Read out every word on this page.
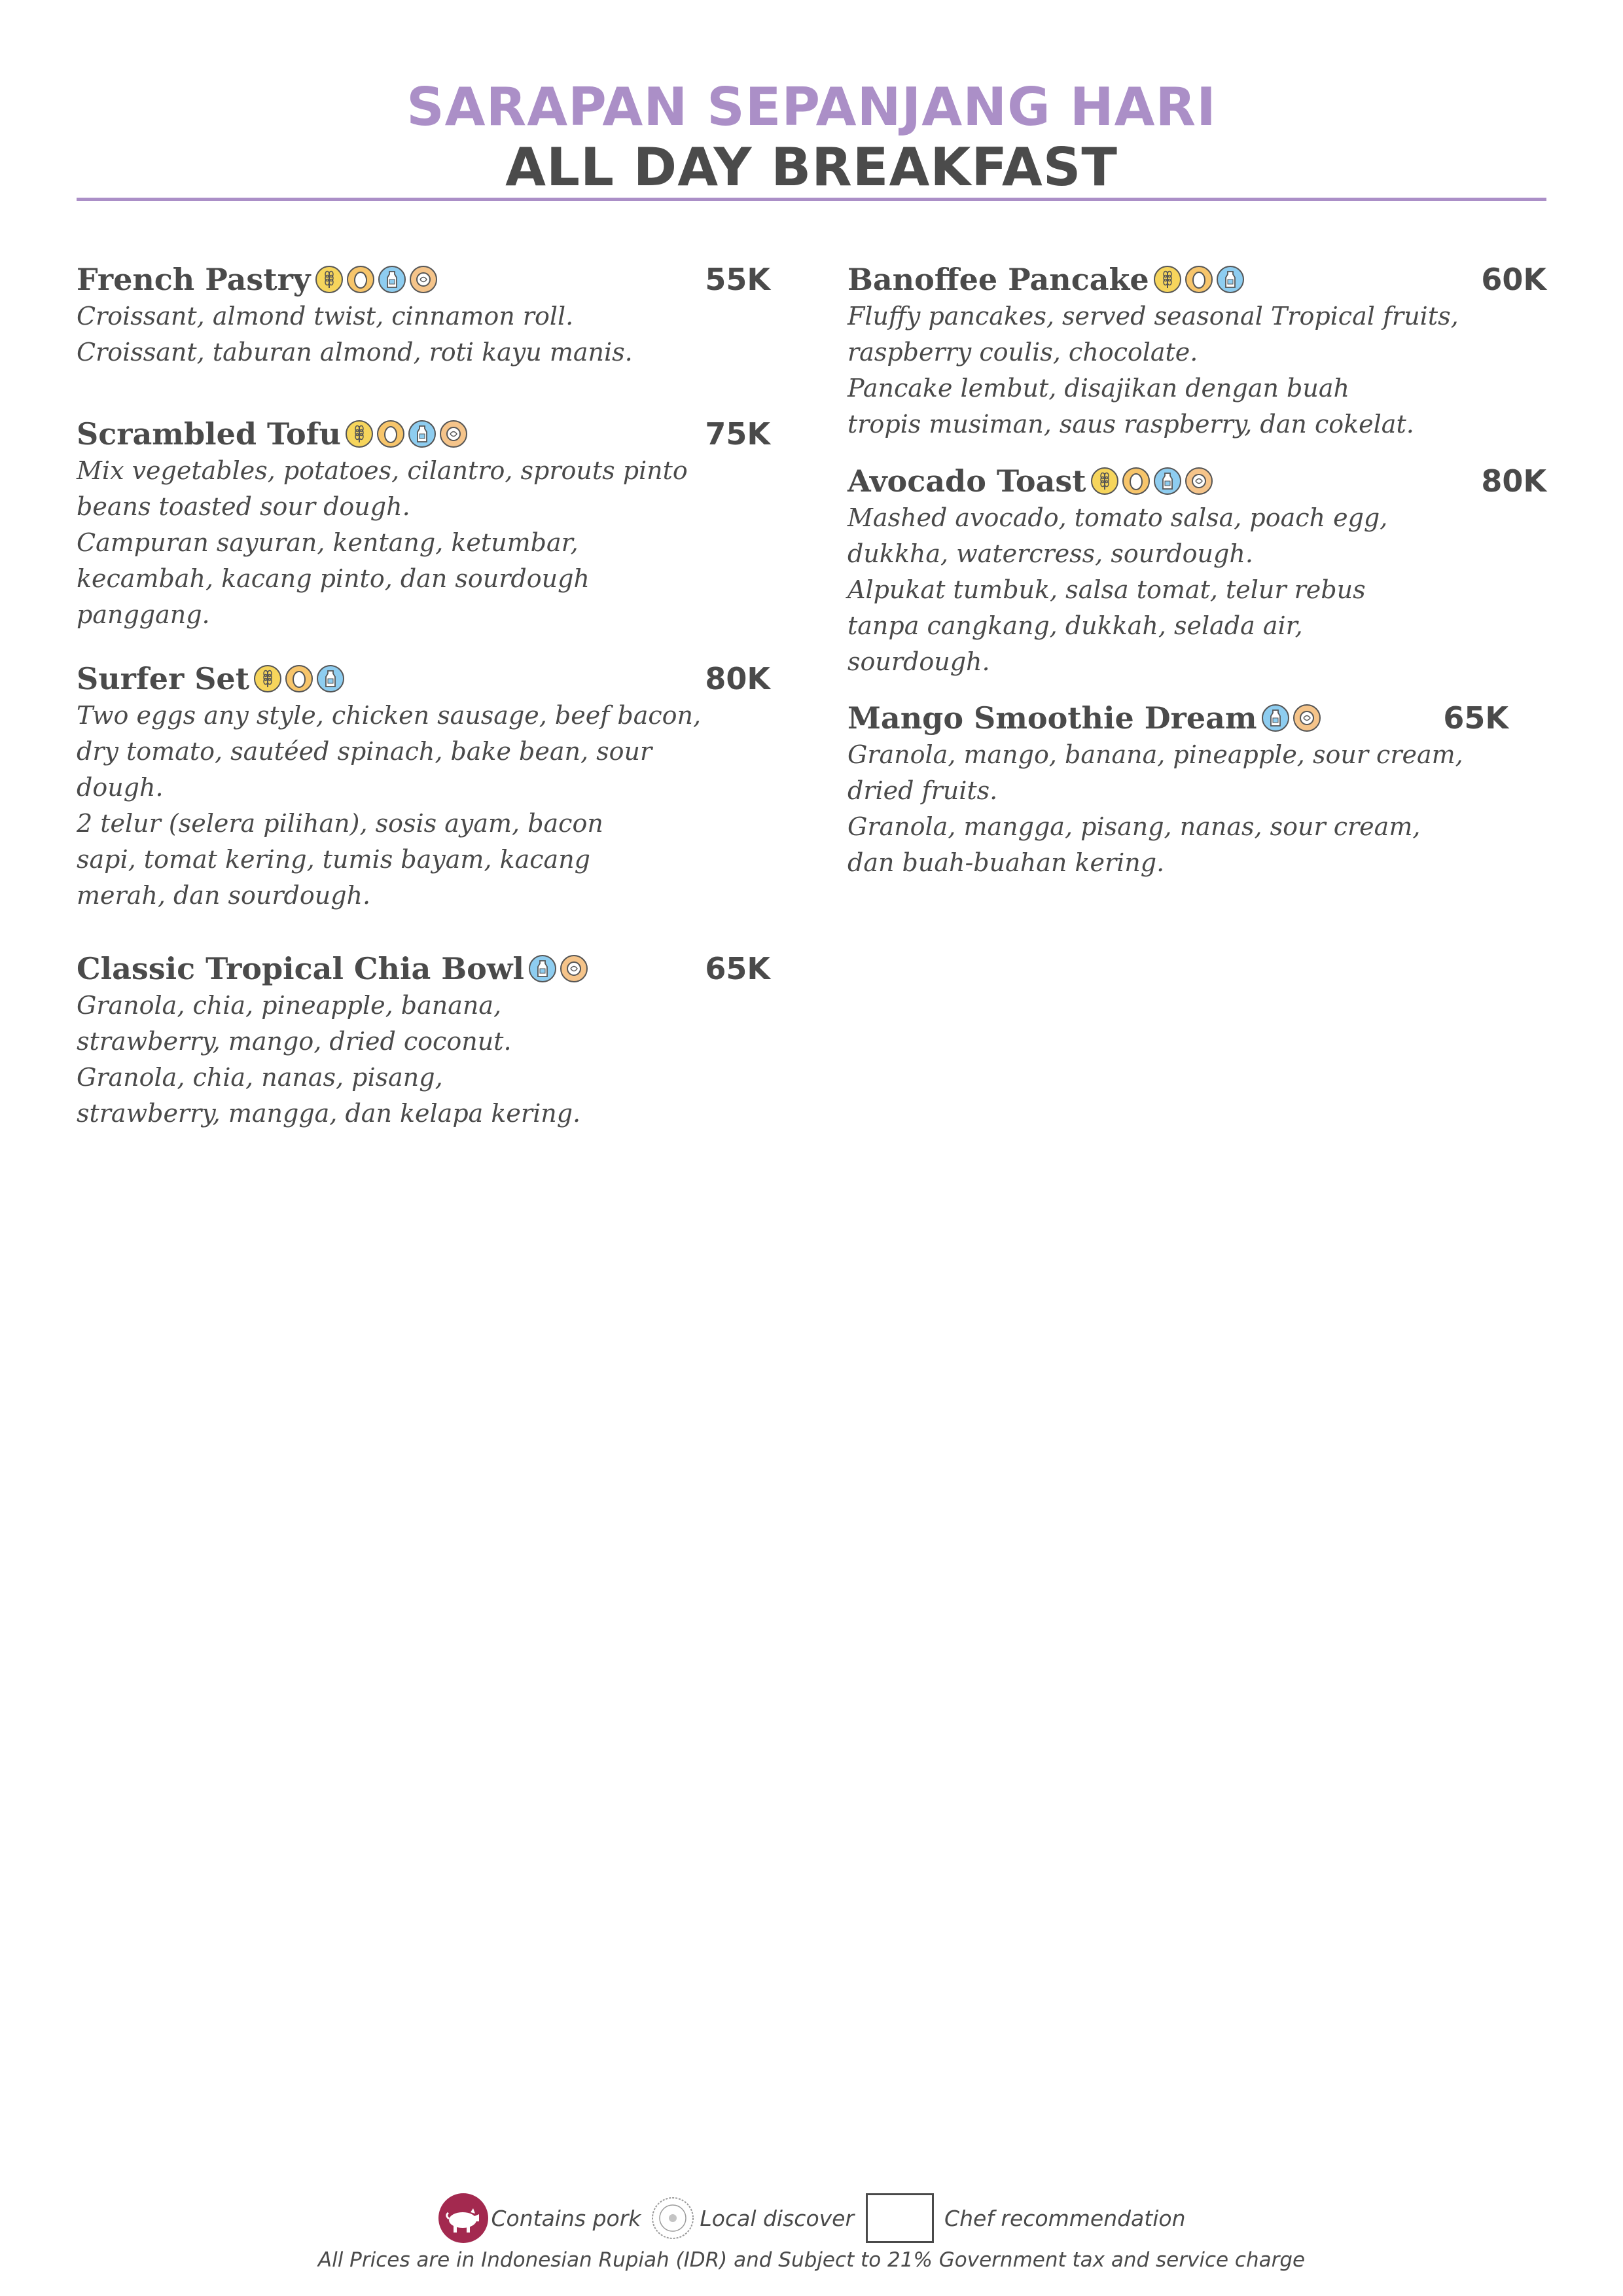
SARAPAN SEPANJANG HARI
ALL DAY BREAKFAST
French Pastry	55K
Croissant, almond twist, cinnamon roll.
Croissant, taburan almond, roti kayu manis.
Scrambled Tofu	75K
Mix vegetables, potatoes, cilantro, sprouts pinto
beans toasted sour dough.
Campuran sayuran, kentang, ketumbar,
kecambah, kacang pinto, dan sourdough
panggang.
Surfer Set	80K
Two eggs any style, chicken sausage, beef bacon,
dry tomato, sautéed spinach, bake bean, sour
dough.
2 telur (selera pilihan), sosis ayam, bacon
sapi, tomat kering, tumis bayam, kacang
merah, dan sourdough.
Classic Tropical Chia Bowl	65K
Granola, chia, pineapple, banana,
strawberry, mango, dried coconut.
Granola, chia, nanas, pisang,
strawberry, mangga, dan kelapa kering.
Banoffee Pancake	60K
Fluffy pancakes, served seasonal Tropical fruits,
raspberry coulis, chocolate.
Pancake lembut, disajikan dengan buah
tropis musiman, saus raspberry, dan cokelat.
Avocado Toast	80K
Mashed avocado, tomato salsa, poach egg,
dukkha, watercress, sourdough.
Alpukat tumbuk, salsa tomat, telur rebus
tanpa cangkang, dukkah, selada air,
sourdough.
Mango Smoothie Dream	65K
Granola, mango, banana, pineapple, sour cream,
dried fruits.
Granola, mangga, pisang, nanas, sour cream,
dan buah-buahan kering.
Contains pork	Local discover	Chef recommendation
All Prices are in Indonesian Rupiah (IDR) and Subject to 21% Government tax and service charge
